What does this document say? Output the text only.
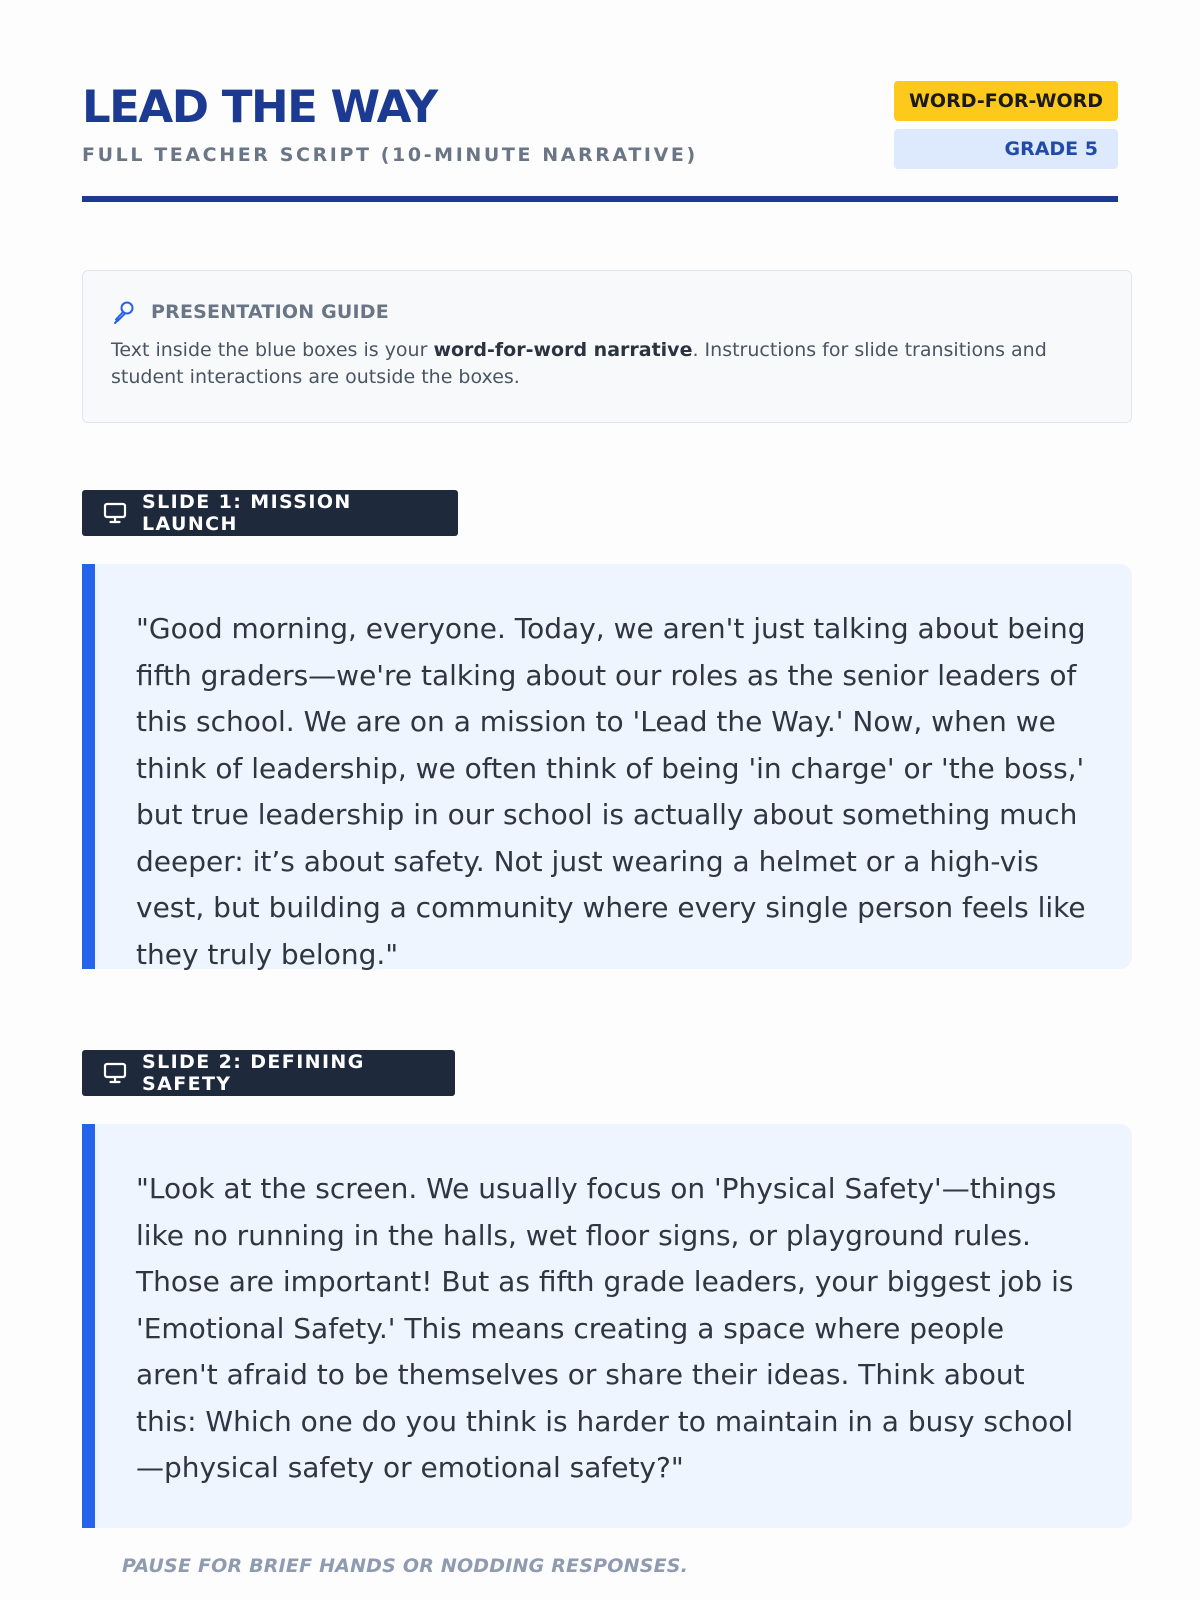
LEAD THE WAY
FULL TEACHER SCRIPT (10-MINUTE NARRATIVE)
WORD-FOR-WORD
GRADE 5
PRESENTATION GUIDE
Text inside the blue boxes is your word-for-word narrative. Instructions for slide transitions and student interactions are outside the boxes.
SLIDE 1: MISSION LAUNCH

"Good morning, everyone. Today, we aren't just talking about being fifth graders—we're talking about our roles as the senior leaders of this school. We are on a mission to 'Lead the Way.' Now, when we think of leadership, we often think of being 'in charge' or 'the boss,' but true leadership in our school is actually about something much deeper: it’s about safety. Not just wearing a helmet or a high-vis vest, but building a community where every single person feels like they truly belong."

SLIDE 2: DEFINING SAFETY

"Look at the screen. We usually focus on 'Physical Safety'—things like no running in the halls, wet floor signs, or playground rules. Those are important! But as fifth grade leaders, your biggest job is 'Emotional Safety.' This means creating a space where people aren't afraid to be themselves or share their ideas. Think about this: Which one do you think is harder to maintain in a busy school—physical safety or emotional safety?"

PAUSE FOR BRIEF HANDS OR NODDING RESPONSES.
